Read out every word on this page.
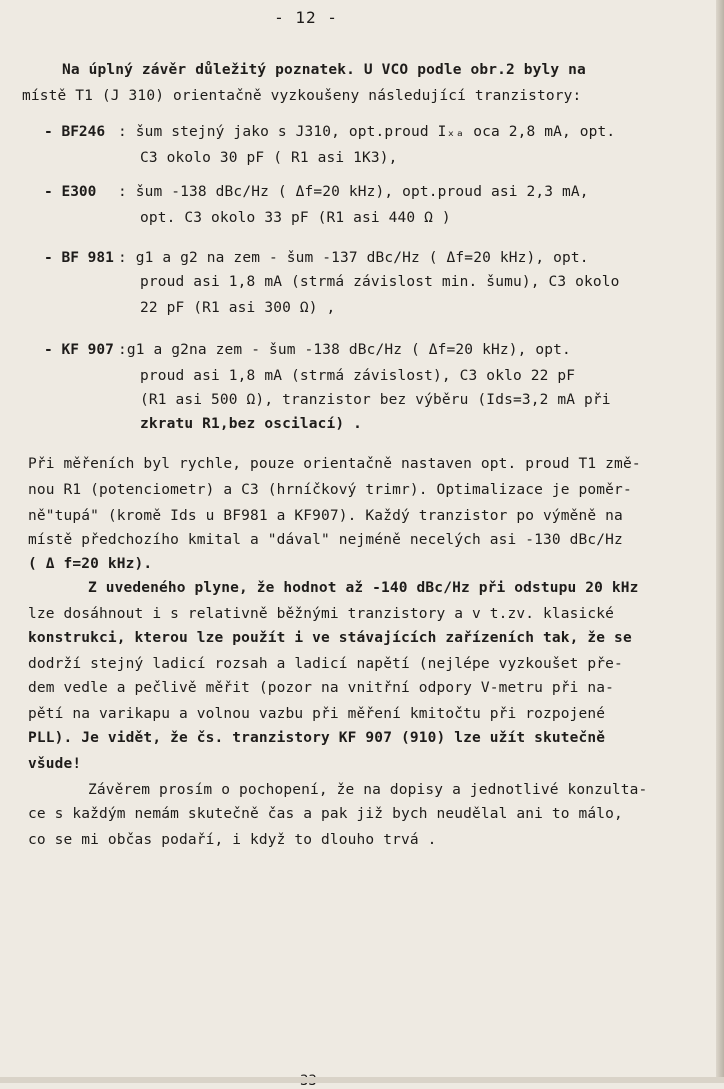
- 12 -
Na úplný závěr důležitý poznatek. U VCO podle obr.2 byly na
místě T1 (J 310) orientačně vyzkoušeny následující tranzistory:
- BF246 : šum stejný jako s J310, opt.proud Iₓₐ oca 2,8 mA, opt.
C3 okolo 30 pF ( R1 asi 1K3),
- E300 : šum -138 dBc/Hz ( Δf=20 kHz), opt.proud asi 2,3 mA,
opt. C3 okolo 33 pF (R1 asi 440 Ω )
- BF 981 : g1 a g2 na zem - šum -137 dBc/Hz ( Δf=20 kHz), opt.
proud asi 1,8 mA (strmá závislost min. šumu), C3 okolo
22 pF (R1 asi 300 Ω) ,
- KF 907 :g1 a g2na zem - šum -138 dBc/Hz ( Δf=20 kHz), opt.
proud asi 1,8 mA (strmá závislost), C3 oklo 22 pF
(R1 asi 500 Ω), tranzistor bez výběru (Ids=3,2 mA při
zkratu R1,bez oscilací) .
Při měřeních byl rychle, pouze orientačně nastaven opt. proud T1 změ-
nou R1 (potenciometr) a C3 (hrníčkový trimr). Optimalizace je poměr-
ně"tupá" (kromě Ids u BF981 a KF907). Každý tranzistor po výměně na
místě předchozího kmital a "dával" nejméně necelých asi -130 dBc/Hz
( Δ f=20 kHz).
Z uvedeného plyne, že hodnot až -140 dBc/Hz při odstupu 20 kHz
lze dosáhnout i s relativně běžnými tranzistory a v t.zv. klasické
konstrukci, kterou lze použít i ve stávajících zařízeních tak, že se
dodrží stejný ladicí rozsah a ladicí napětí (nejlépe vyzkoušet pře-
dem vedle a pečlivě měřit (pozor na vnitřní odpory V-metru při na-
pětí na varikapu a volnou vazbu při měření kmitočtu při rozpojené
PLL). Je vidět, že čs. tranzistory KF 907 (910) lze užít skutečně
všude!
Závěrem prosím o pochopení, že na dopisy a jednotlivé konzultа-
ce s každým nemám skutečně čas a pak již bych neudělal ani to málo,
co se mi občas podaří, i když to dlouho trvá .
